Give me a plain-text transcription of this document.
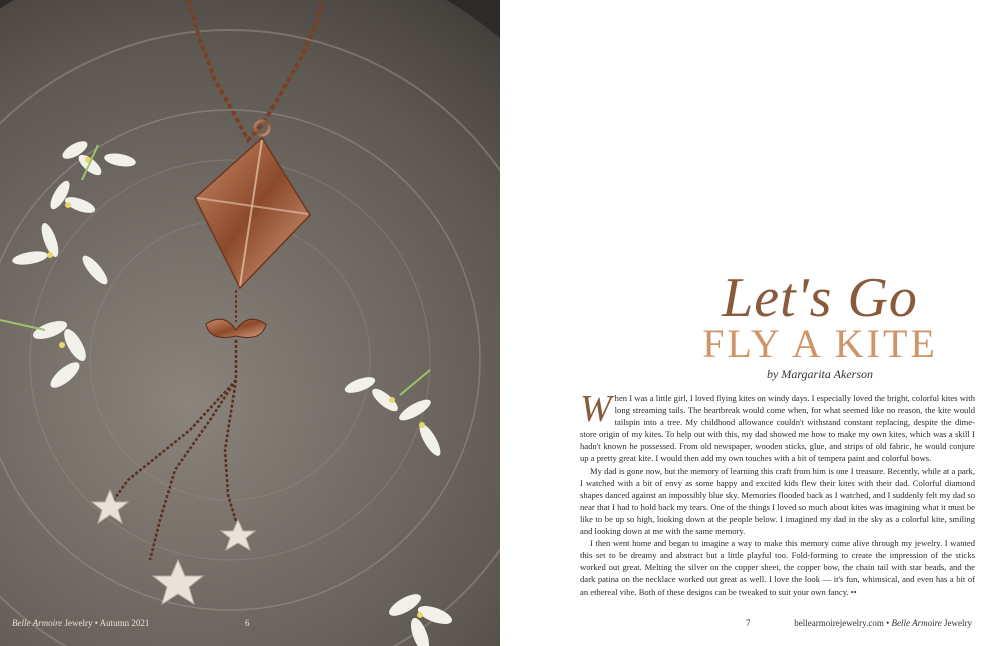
Belle Armoire Jewelry • Autumn 2021	6
Let's Go
FLY A KITE
by Margarita Akerson

When I was a little girl, I loved flying kites on windy days. I especially loved the bright, colorful kites with long streaming tails. The heartbreak would come when, for what seemed like no reason, the kite would tailspin into a tree. My childhood allowance couldn't withstand constant replacing, despite the dime-store origin of my kites. To help out with this, my dad showed me how to make my own kites, which was a skill I hadn't known he possessed. From old newspaper, wooden sticks, glue, and strips of old fabric, he would conjure up a pretty great kite. I would then add my own touches with a bit of tempera paint and colorful bows.

My dad is gone now, but the memory of learning this craft from him is one I treasure. Recently, while at a park, I watched with a bit of envy as some happy and excited kids flew their kites with their dad. Colorful diamond shapes danced against an impossibly blue sky. Memories flooded back as I watched, and I suddenly felt my dad so near that I had to hold back my tears. One of the things I loved so much about kites was imagining what it must be like to be up so high, looking down at the people below. I imagined my dad in the sky as a colorful kite, smiling and looking down at me with the same memory.

I then went home and began to imagine a way to make this memory come alive through my jewelry. I wanted this set to be dreamy and abstract but a little playful too. Fold-forming to create the impression of the sticks worked out great. Melting the silver on the copper sheet, the copper bow, the chain tail with star beads, and the dark patina on the necklace worked out great as well. I love the look — it's fun, whimsical, and even has a bit of an ethereal vibe. Both of these designs can be tweaked to suit your own fancy. ••

7	bellearmoirejewelry.com • Belle Armoire Jewelry
